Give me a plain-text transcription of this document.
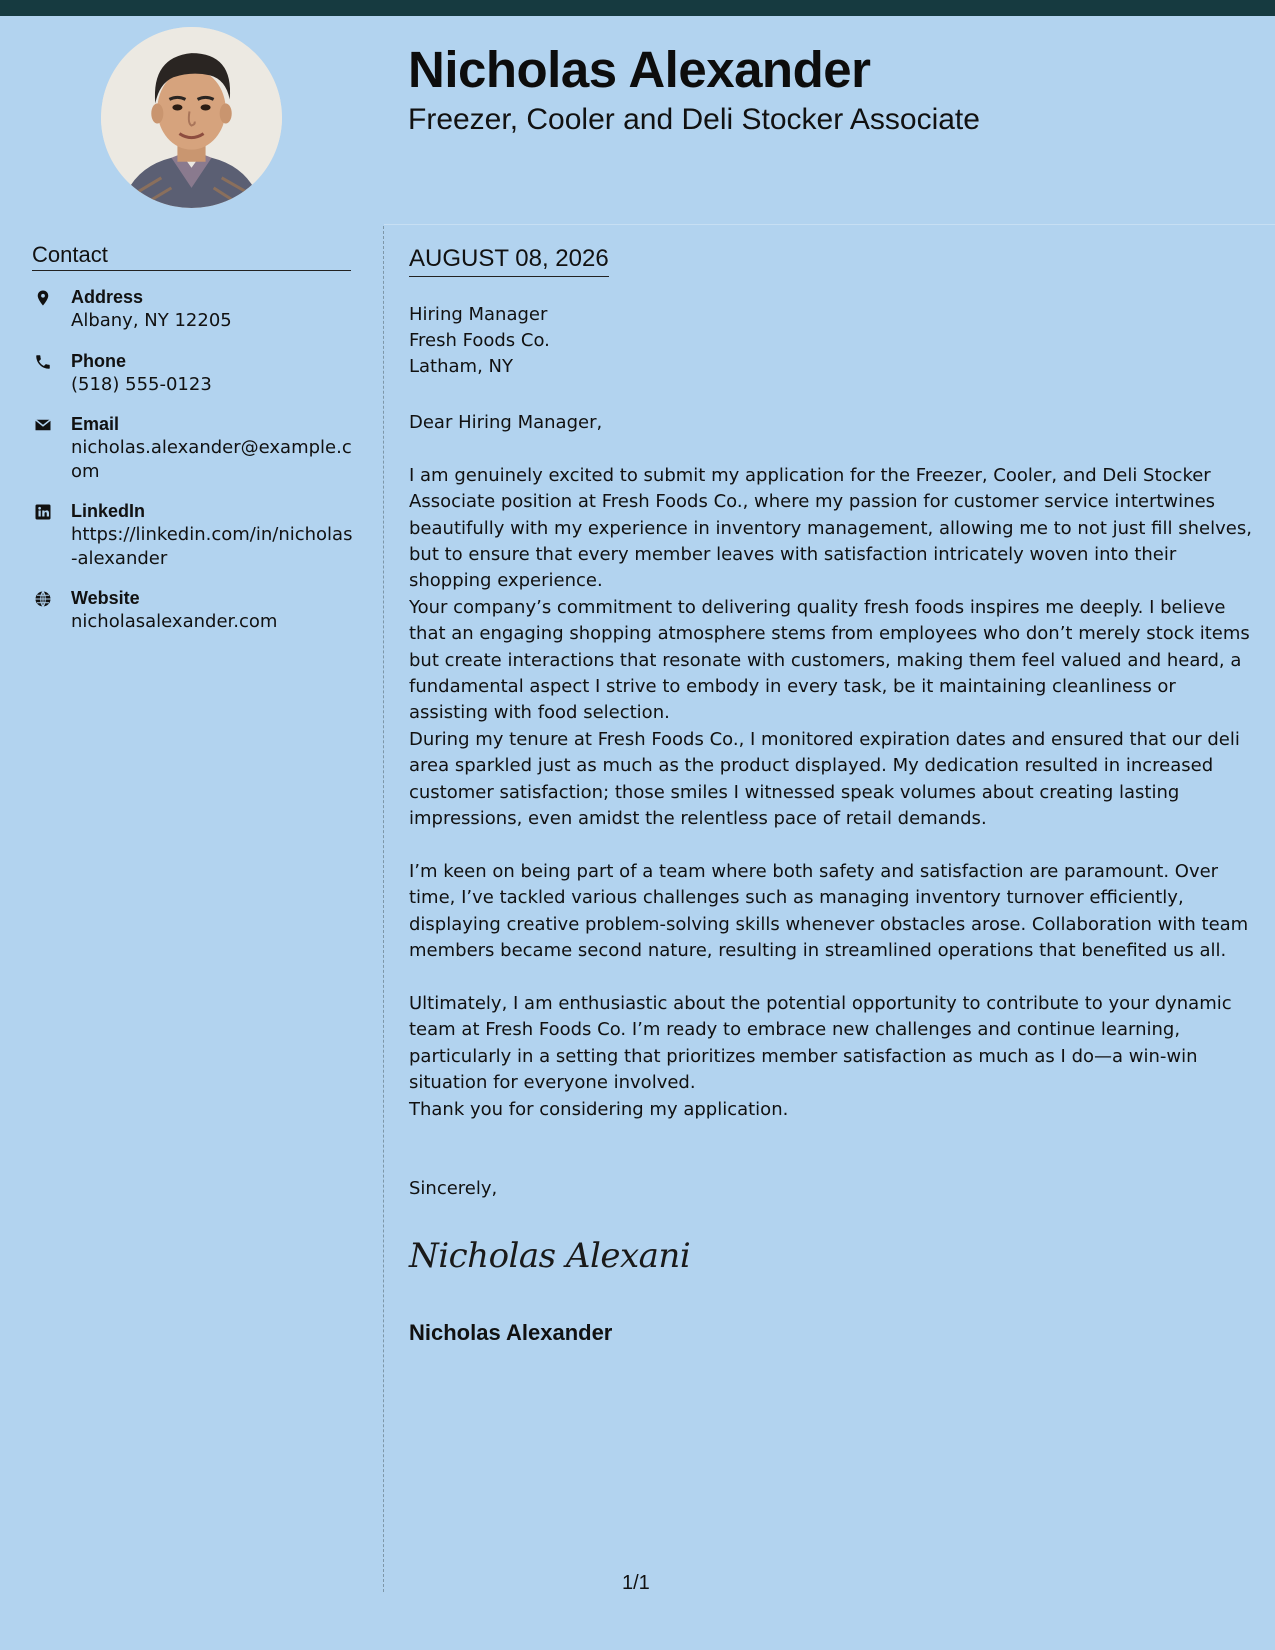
Nicholas Alexander
Freezer, Cooler and Deli Stocker Associate
Contact
Address
Albany, NY 12205
Phone
(518) 555-0123
Email
nicholas.alexander@example.com
LinkedIn
https://linkedin.com/in/nicholas-alexander
Website
nicholasalexander.com
AUGUST 08, 2026
Hiring Manager
Fresh Foods Co.
Latham, NY
Dear Hiring Manager,
I am genuinely excited to submit my application for the Freezer, Cooler, and Deli Stocker Associate position at Fresh Foods Co., where my passion for customer service intertwines beautifully with my experience in inventory management, allowing me to not just fill shelves, but to ensure that every member leaves with satisfaction intricately woven into their shopping experience.
Your company’s commitment to delivering quality fresh foods inspires me deeply. I believe that an engaging shopping atmosphere stems from employees who don’t merely stock items but create interactions that resonate with customers, making them feel valued and heard, a fundamental aspect I strive to embody in every task, be it maintaining cleanliness or assisting with food selection.
During my tenure at Fresh Foods Co., I monitored expiration dates and ensured that our deli area sparkled just as much as the product displayed. My dedication resulted in increased customer satisfaction; those smiles I witnessed speak volumes about creating lasting impressions, even amidst the relentless pace of retail demands.
I’m keen on being part of a team where both safety and satisfaction are paramount. Over time, I’ve tackled various challenges such as managing inventory turnover efficiently, displaying creative problem-solving skills whenever obstacles arose. Collaboration with team members became second nature, resulting in streamlined operations that benefited us all.
Ultimately, I am enthusiastic about the potential opportunity to contribute to your dynamic team at Fresh Foods Co. I’m ready to embrace new challenges and continue learning, particularly in a setting that prioritizes member satisfaction as much as I do—a win-win situation for everyone involved.
Thank you for considering my application.
Sincerely,
Nicholas Alexani
Nicholas Alexander
1/1
